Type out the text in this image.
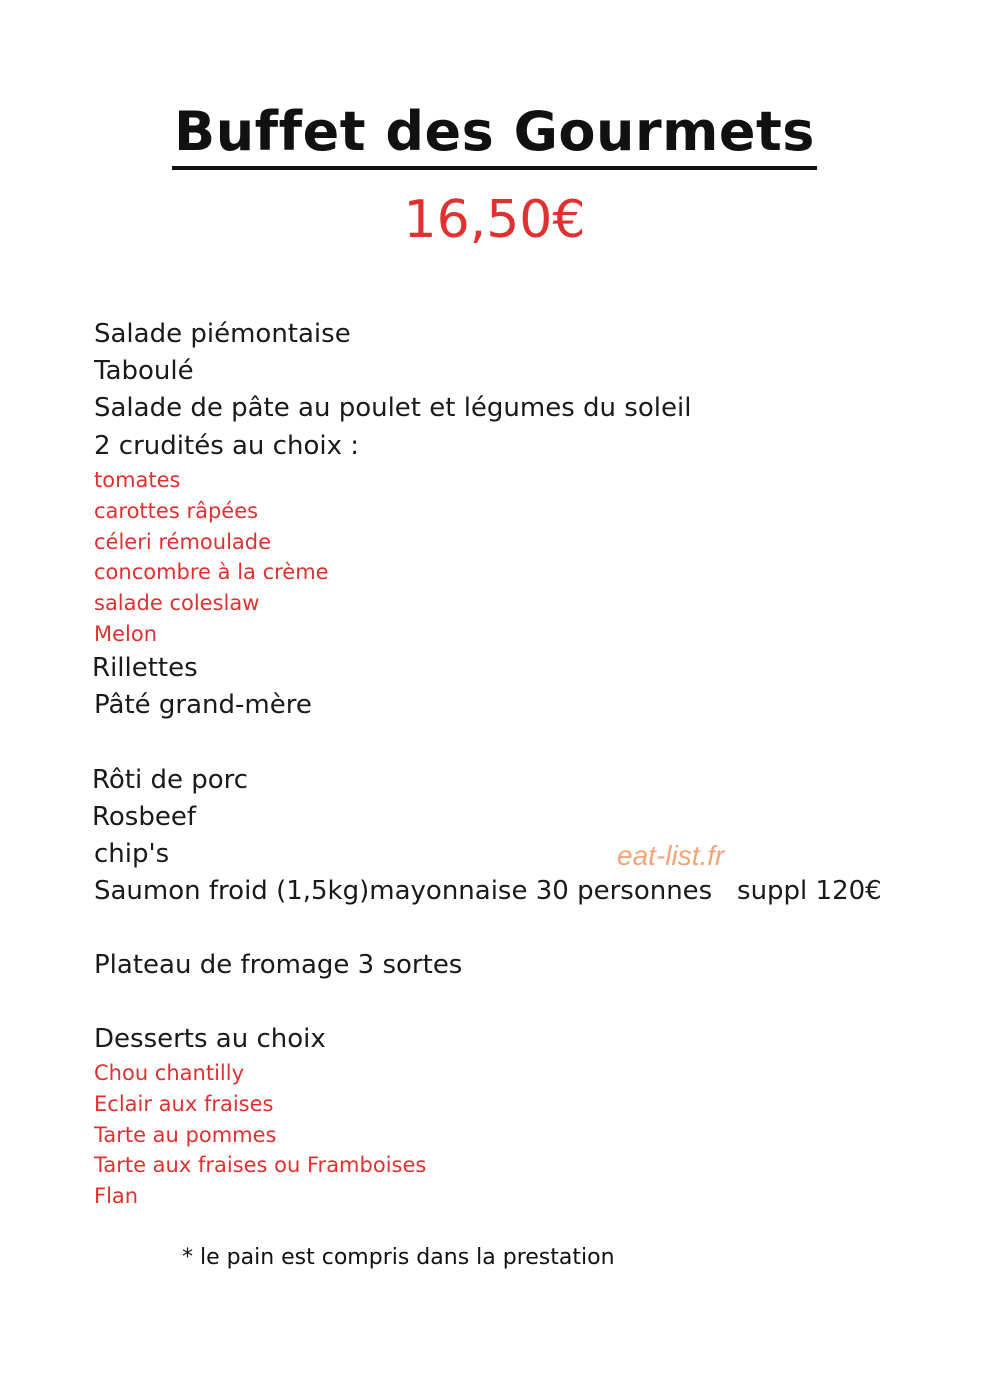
Buffet des Gourmets
16,50€
Salade piémontaise
Taboulé
Salade de pâte au poulet et légumes du soleil
2 crudités au choix :
tomates
carottes râpées
céleri rémoulade
concombre à la crème
salade coleslaw
Melon
Rillettes
Pâté grand-mère
Rôti de porc
Rosbeef
chip's
Saumon froid (1,5kg)mayonnaise 30 personnes   suppl 120€
eat-list.fr
Plateau de fromage 3 sortes
Desserts au choix
Chou chantilly
Eclair aux fraises
Tarte au pommes
Tarte aux fraises ou Framboises
Flan
* le pain est compris dans la prestation
